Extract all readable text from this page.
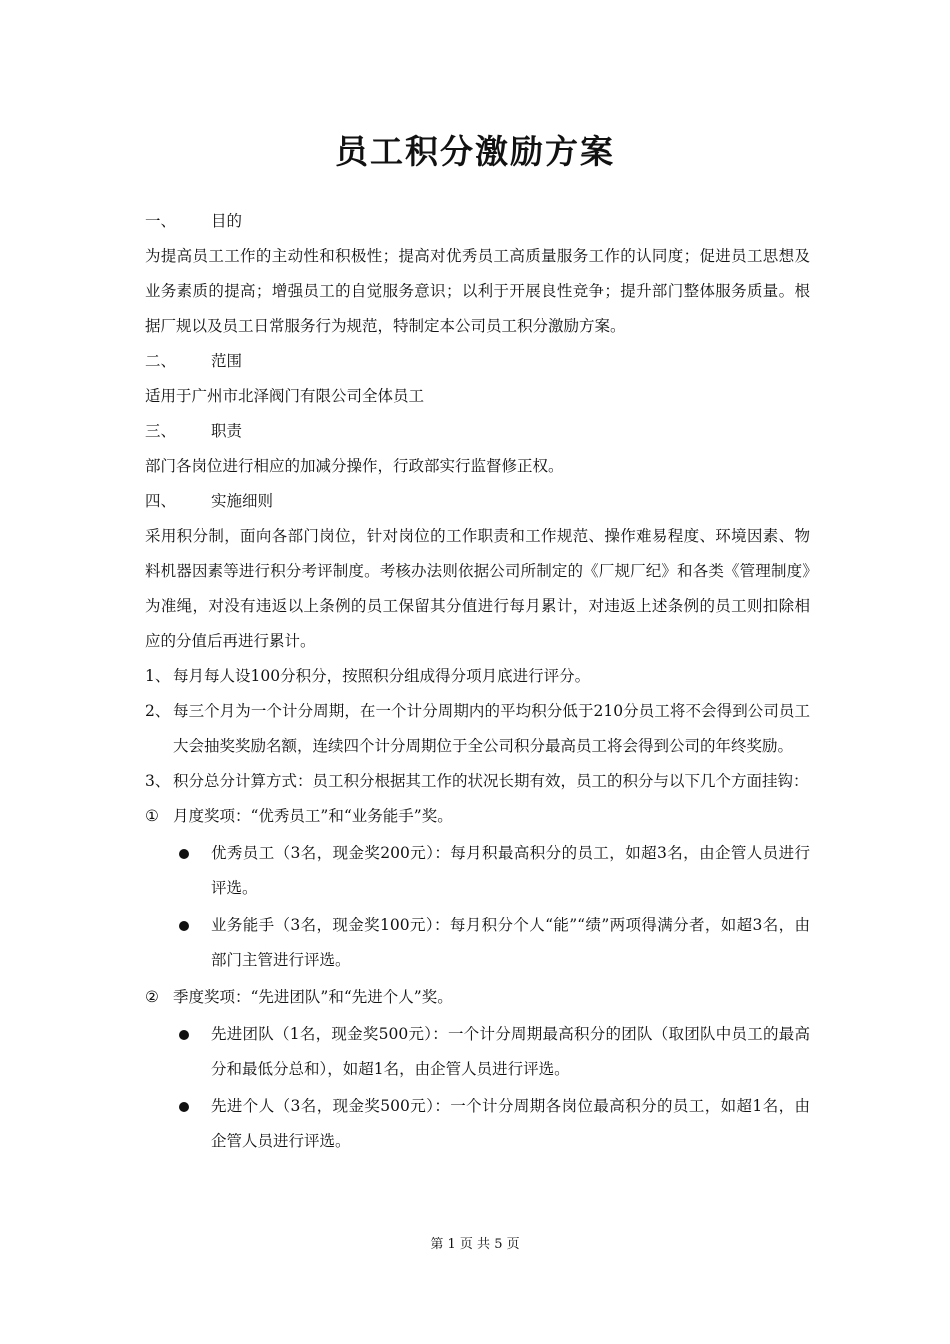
员工积分激励方案
一、 目的
为提高员工工作的主动性和积极性；提高对优秀员工高质量服务工作的认同度；促进员工思想及业务素质的提高；增强员工的自觉服务意识；以利于开展良性竞争；提升部门整体服务质量。根据厂规以及员工日常服务行为规范，特制定本公司员工积分激励方案。
二、 范围
适用于广州市北泽阀门有限公司全体员工
三、 职责
部门各岗位进行相应的加减分操作，行政部实行监督修正权。
四、 实施细则
采用积分制，面向各部门岗位，针对岗位的工作职责和工作规范、操作难易程度、环境因素、物料机器因素等进行积分考评制度。考核办法则依据公司所制定的《厂规厂纪》和各类《管理制度》为准绳，对没有违返以上条例的员工保留其分值进行每月累计，对违返上述条例的员工则扣除相应的分值后再进行累计。
1、 每月每人设100分积分，按照积分组成得分项月底进行评分。
2、 每三个月为一个计分周期，在一个计分周期内的平均积分低于210分员工将不会得到公司员工大会抽奖奖励名额，连续四个计分周期位于全公司积分最高员工将会得到公司的年终奖励。
3、 积分总分计算方式：员工积分根据其工作的状况长期有效，员工的积分与以下几个方面挂钩：
① 月度奖项：“优秀员工”和“业务能手”奖。
优秀员工（3名，现金奖200元）：每月积最高积分的员工，如超3名，由企管人员进行评选。
业务能手（3名，现金奖100元）：每月积分个人“能”“绩”两项得满分者，如超3名，由部门主管进行评选。
② 季度奖项：“先进团队”和“先进个人”奖。
先进团队（1名，现金奖500元）：一个计分周期最高积分的团队（取团队中员工的最高分和最低分总和），如超1名，由企管人员进行评选。
先进个人（3名，现金奖500元）：一个计分周期各岗位最高积分的员工，如超1名，由企管人员进行评选。
第 1 页 共 5 页
